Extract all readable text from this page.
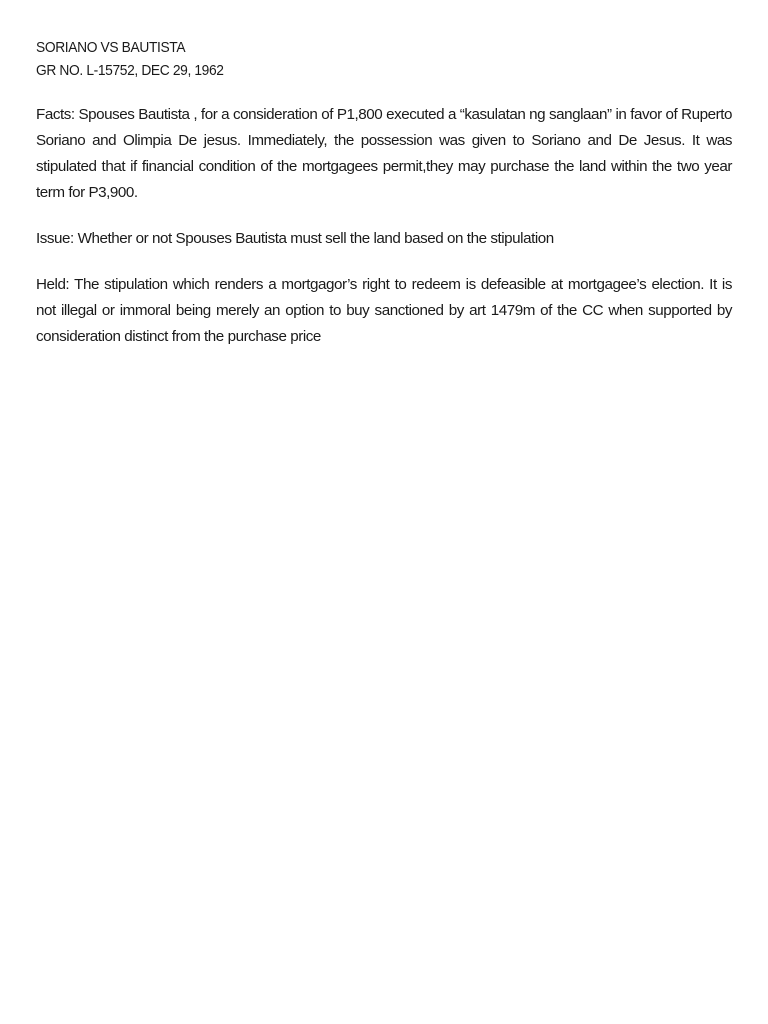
SORIANO VS BAUTISTA

GR NO. L-15752, DEC 29, 1962

Facts: Spouses Bautista , for a consideration of P1,800 executed a “kasulatan ng sanglaan” in favor of Ruperto Soriano and Olimpia De jesus. Immediately, the possession was given to Soriano and De Jesus. It was stipulated that if financial condition of the mortgagees permit,they may purchase the land within the two year term for P3,900.

Issue: Whether or not Spouses Bautista must sell the land based on the stipulation

Held: The stipulation which renders a mortgagor’s right to redeem is defeasible at mortgagee’s election. It is not illegal or immoral being merely an option to buy sanctioned by art 1479m of the CC when supported by consideration distinct from the purchase price
